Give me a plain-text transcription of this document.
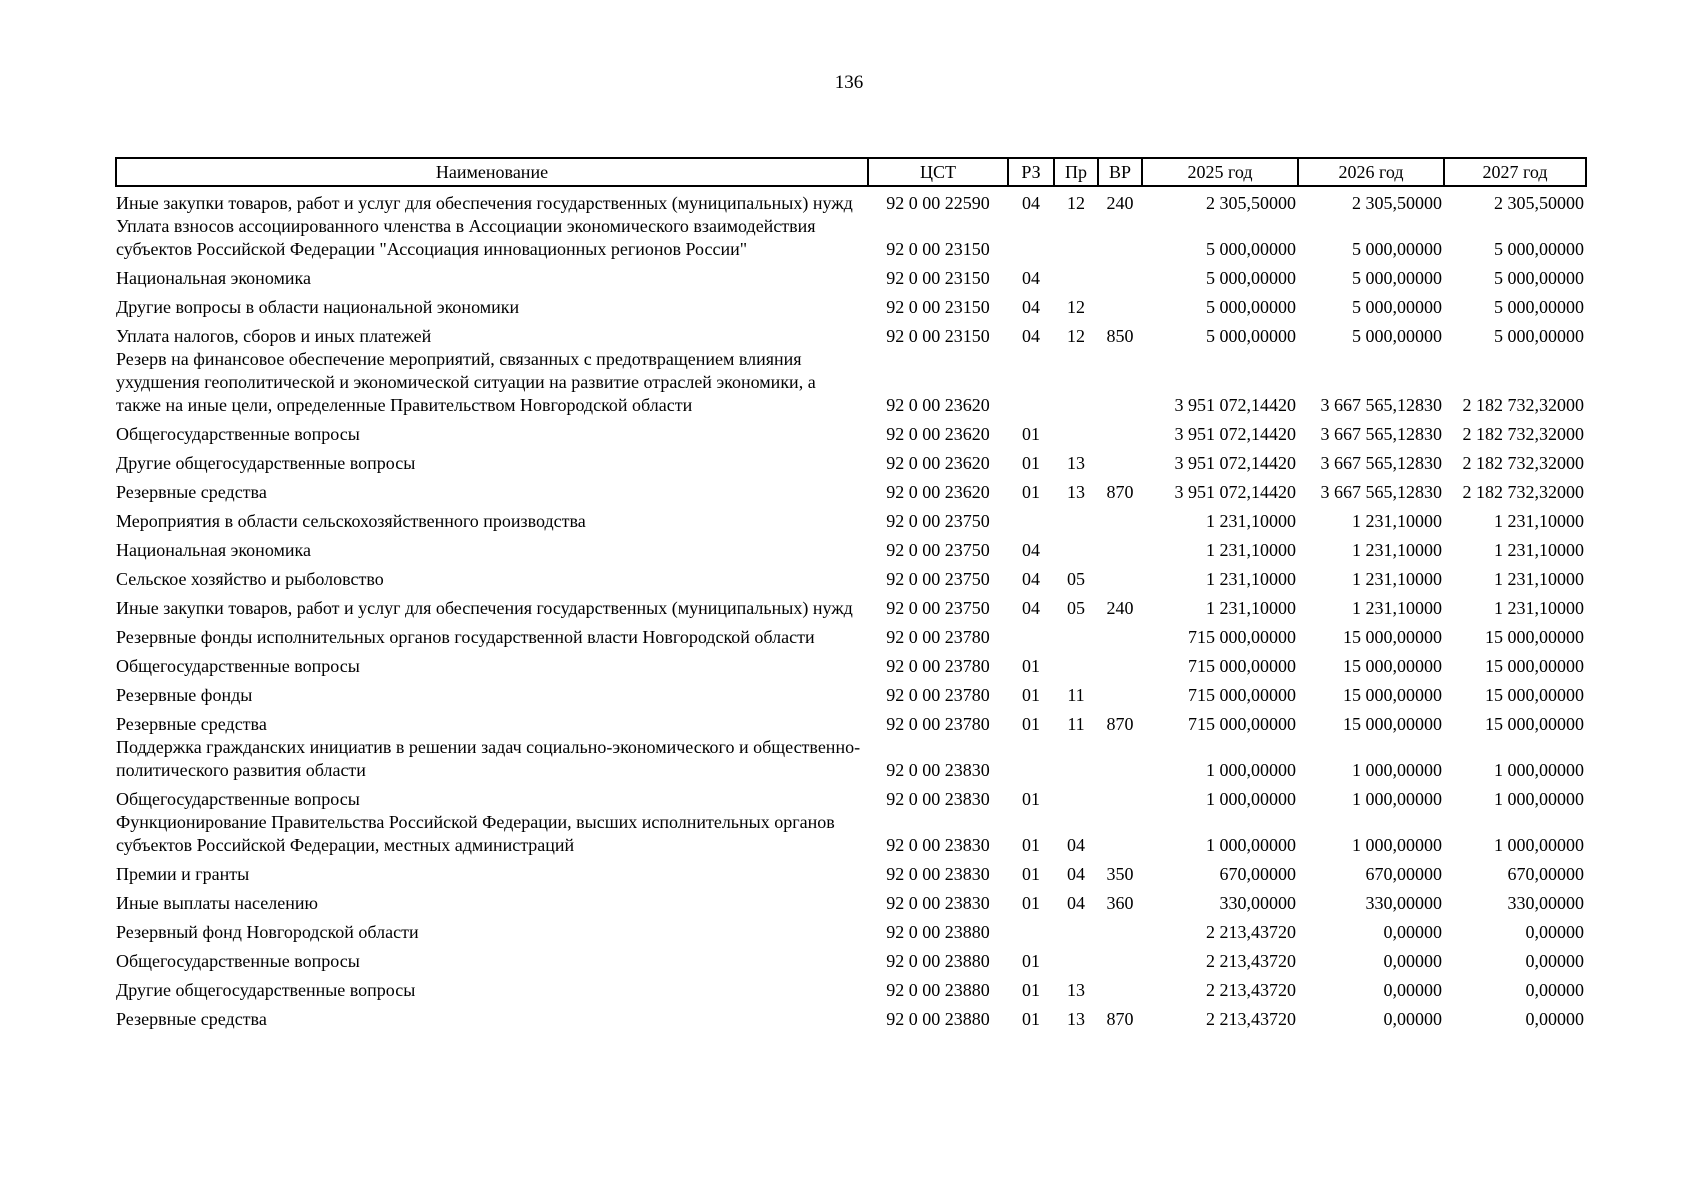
136
Наименование	ЦСТ	РЗ	Пр	ВР	2025 год	2026 год	2027 год
Иные закупки товаров, работ и услуг для обеспечения государственных (муниципальных) нужд	92 0 00 22590	04	12	240	2 305,50000	2 305,50000	2 305,50000
Уплата взносов ассоциированного членства в Ассоциации экономического взаимодействия субъектов Российской Федерации "Ассоциация инновационных регионов России"	92 0 00 23150				5 000,00000	5 000,00000	5 000,00000
Национальная экономика	92 0 00 23150	04			5 000,00000	5 000,00000	5 000,00000
Другие вопросы в области национальной экономики	92 0 00 23150	04	12		5 000,00000	5 000,00000	5 000,00000
Уплата налогов, сборов и иных платежей	92 0 00 23150	04	12	850	5 000,00000	5 000,00000	5 000,00000
Резерв на финансовое обеспечение мероприятий, связанных с предотвращением влияния ухудшения геополитической и экономической ситуации на развитие отраслей экономики, а также на иные цели, определенные Правительством Новгородской области	92 0 00 23620				3 951 072,14420	3 667 565,12830	2 182 732,32000
Общегосударственные вопросы	92 0 00 23620	01			3 951 072,14420	3 667 565,12830	2 182 732,32000
Другие общегосударственные вопросы	92 0 00 23620	01	13		3 951 072,14420	3 667 565,12830	2 182 732,32000
Резервные средства	92 0 00 23620	01	13	870	3 951 072,14420	3 667 565,12830	2 182 732,32000
Мероприятия в области сельскохозяйственного производства	92 0 00 23750				1 231,10000	1 231,10000	1 231,10000
Национальная экономика	92 0 00 23750	04			1 231,10000	1 231,10000	1 231,10000
Сельское хозяйство и рыболовство	92 0 00 23750	04	05		1 231,10000	1 231,10000	1 231,10000
Иные закупки товаров, работ и услуг для обеспечения государственных (муниципальных) нужд	92 0 00 23750	04	05	240	1 231,10000	1 231,10000	1 231,10000
Резервные фонды исполнительных органов государственной власти Новгородской области	92 0 00 23780				715 000,00000	15 000,00000	15 000,00000
Общегосударственные вопросы	92 0 00 23780	01			715 000,00000	15 000,00000	15 000,00000
Резервные фонды	92 0 00 23780	01	11		715 000,00000	15 000,00000	15 000,00000
Резервные средства	92 0 00 23780	01	11	870	715 000,00000	15 000,00000	15 000,00000
Поддержка гражданских инициатив в решении задач социально-экономического и общественно-политического развития области	92 0 00 23830				1 000,00000	1 000,00000	1 000,00000
Общегосударственные вопросы	92 0 00 23830	01			1 000,00000	1 000,00000	1 000,00000
Функционирование Правительства Российской Федерации, высших исполнительных органов субъектов Российской Федерации, местных администраций	92 0 00 23830	01	04		1 000,00000	1 000,00000	1 000,00000
Премии и гранты	92 0 00 23830	01	04	350	670,00000	670,00000	670,00000
Иные выплаты населению	92 0 00 23830	01	04	360	330,00000	330,00000	330,00000
Резервный фонд Новгородской области	92 0 00 23880				2 213,43720	0,00000	0,00000
Общегосударственные вопросы	92 0 00 23880	01			2 213,43720	0,00000	0,00000
Другие общегосударственные вопросы	92 0 00 23880	01	13		2 213,43720	0,00000	0,00000
Резервные средства	92 0 00 23880	01	13	870	2 213,43720	0,00000	0,00000
